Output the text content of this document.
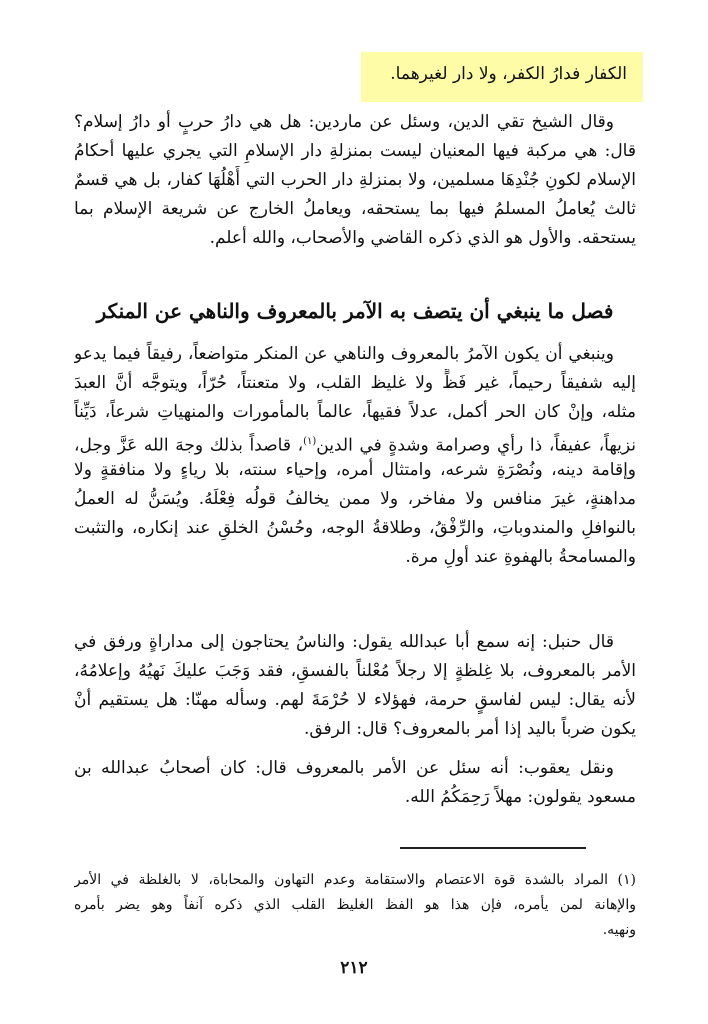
الكفار فدارُ الكفر، ولا دار لغيرهما.
وقال الشيخ تقي الدين، وسئل عن ماردين: هل هي دارُ حربٍ أو دارُ إسلام؟
قال: هي مركبة فيها المعنيان ليست بمنزلةِ دار الإسلامِ التي يجري عليها أحكامُ
الإسلام لكونِ جُنْدِهَا مسلمين، ولا بمنزلةِ دار الحرب التي أَهْلُهَا كفار، بل هي قسمٌ
ثالث يُعاملُ المسلمُ فيها بما يستحقه، ويعاملُ الخارج عن شريعة الإسلام بما
يستحقه. والأول هو الذي ذكره القاضي والأصحاب، والله أعلم.
فصل ما ينبغي أن يتصف به الآمر بالمعروف والناهي عن المنكر
وينبغي أن يكون الآمرُ بالمعروف والناهي عن المنكر متواضعاً، رفيقاً فيما يدعو
إليه شفيقاً رحيماً، غير فَظٍّ ولا غليظ القلب، ولا متعنتاً، حُرّاً، ويتوجَّه أنَّ العبدَ
مثله، وإنْ كان الحر أكمل، عدلاً فقيهاً، عالماً بالمأمورات والمنهياتِ شرعاً، دَيِّناً
نزيهاً، عفيفاً، ذا رأيٍ وصرامة وشدةٍ في الدين$^{(١)}$، قاصداً بذلك وجهَ الله عَزَّ وجل،
وإقامة دينه، ونُصْرَةِ شرعه، وامتثال أمره، وإحياء سنته، بلا رياءٍ ولا منافقةٍ ولا
مداهنةٍ، غيرَ منافس ولا مفاخر، ولا ممن يخالفُ قولُه فِعْلَهُ. ويُسَنُّ له العملُ
بالنوافلِ والمندوباتِ، والرِّفْقُ، وطلاقةُ الوجه، وحُسْنُ الخلقِ عند إنكاره، والتثبت
والمسامحةُ بالهفوةِ عند أولِ مرة.
قال حنبل: إنه سمع أبا عبدالله يقول: والناسُ يحتاجون إلى مداراةٍ ورفق في
الأمر بالمعروف، بلا غِلظةٍ إلا رجلاً مُعْلناً بالفسقِ، فقد وَجَبَ عليكَ نَهيُهُ وإعلامُهُ،
لأنه يقال: ليس لفاسقٍ حرمة، فهؤلاء لا حُرْمَةَ لهم. وسأله مهنّا: هل يستقيم أنْ
يكون ضرباً باليد إذا أمر بالمعروف؟ قال: الرفق.
ونقل يعقوب: أنه سئل عن الأمر بالمعروف قال: كان أصحابُ عبدالله بن
مسعود يقولون: مهلاً رَحِمَكُمُ الله.
(١)المراد بالشدة قوة الاعتصام والاستقامة وعدم التهاون والمحاباة، لا بالغلظة في الأمر
والإهانة لمن يأمره، فإن هذا هو الفظ الغليظ القلب الذي ذكره آنفاً وهو يضر بأمره
ونهيه.
٢١٢
